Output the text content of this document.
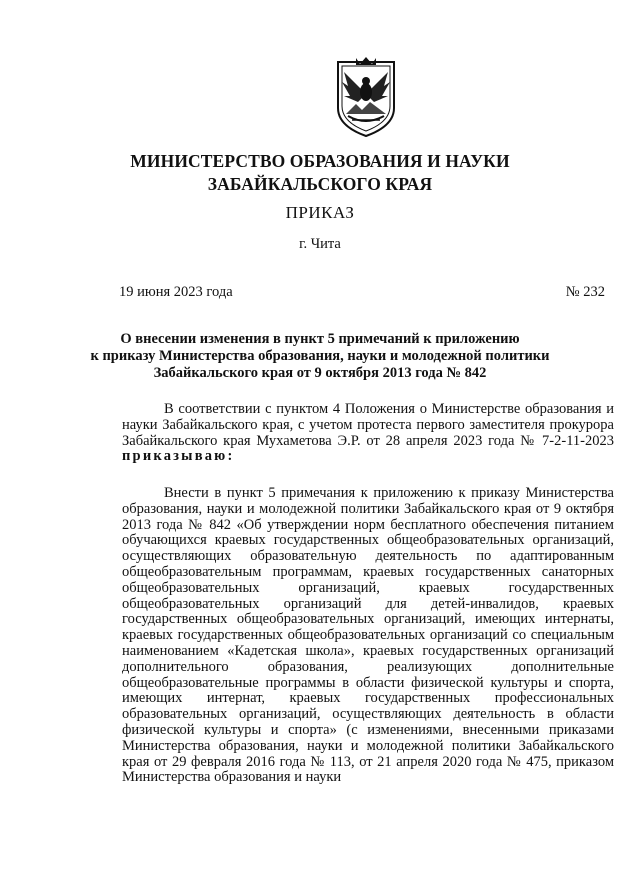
МИНИСТЕРСТВО ОБРАЗОВАНИЯ И НАУКИ
ЗАБАЙКАЛЬСКОГО КРАЯ
ПРИКАЗ
г. Чита
19 июня 2023 года	№ 232
О внесении изменения в пункт 5 примечаний к приложению
к приказу Министерства образования, науки и молодежной политики
Забайкальского края от 9 октября 2013 года № 842

В соответствии с пунктом 4 Положения о Министерстве образования и науки Забайкальского края, с учетом протеста первого заместителя прокурора Забайкальского края Мухаметова Э.Р. от 28 апреля 2023 года № 7-2-11-2023 приказываю:

Внести в пункт 5 примечания к приложению к приказу Министерства образования, науки и молодежной политики Забайкальского края от 9 октября 2013 года № 842 «Об утверждении норм бесплатного обеспечения питанием обучающихся краевых государственных общеобразовательных организаций, осуществляющих образовательную деятельность по адаптированным общеобразовательным программам, краевых государственных санаторных общеобразовательных организаций, краевых государственных общеобразовательных организаций для детей-инвалидов, краевых государственных общеобразовательных организаций, имеющих интернаты, краевых государственных общеобразовательных организаций со специальным наименованием «Кадетская школа», краевых государственных организаций дополнительного образования, реализующих дополнительные общеобразовательные программы в области физической культуры и спорта, имеющих интернат, краевых государственных профессиональных образовательных организаций, осуществляющих деятельность в области физической культуры и спорта» (с изменениями, внесенными приказами Министерства образования, науки и молодежной политики Забайкальского края от 29 февраля 2016 года № 113, от 21 апреля 2020 года № 475, приказом Министерства образования и науки
